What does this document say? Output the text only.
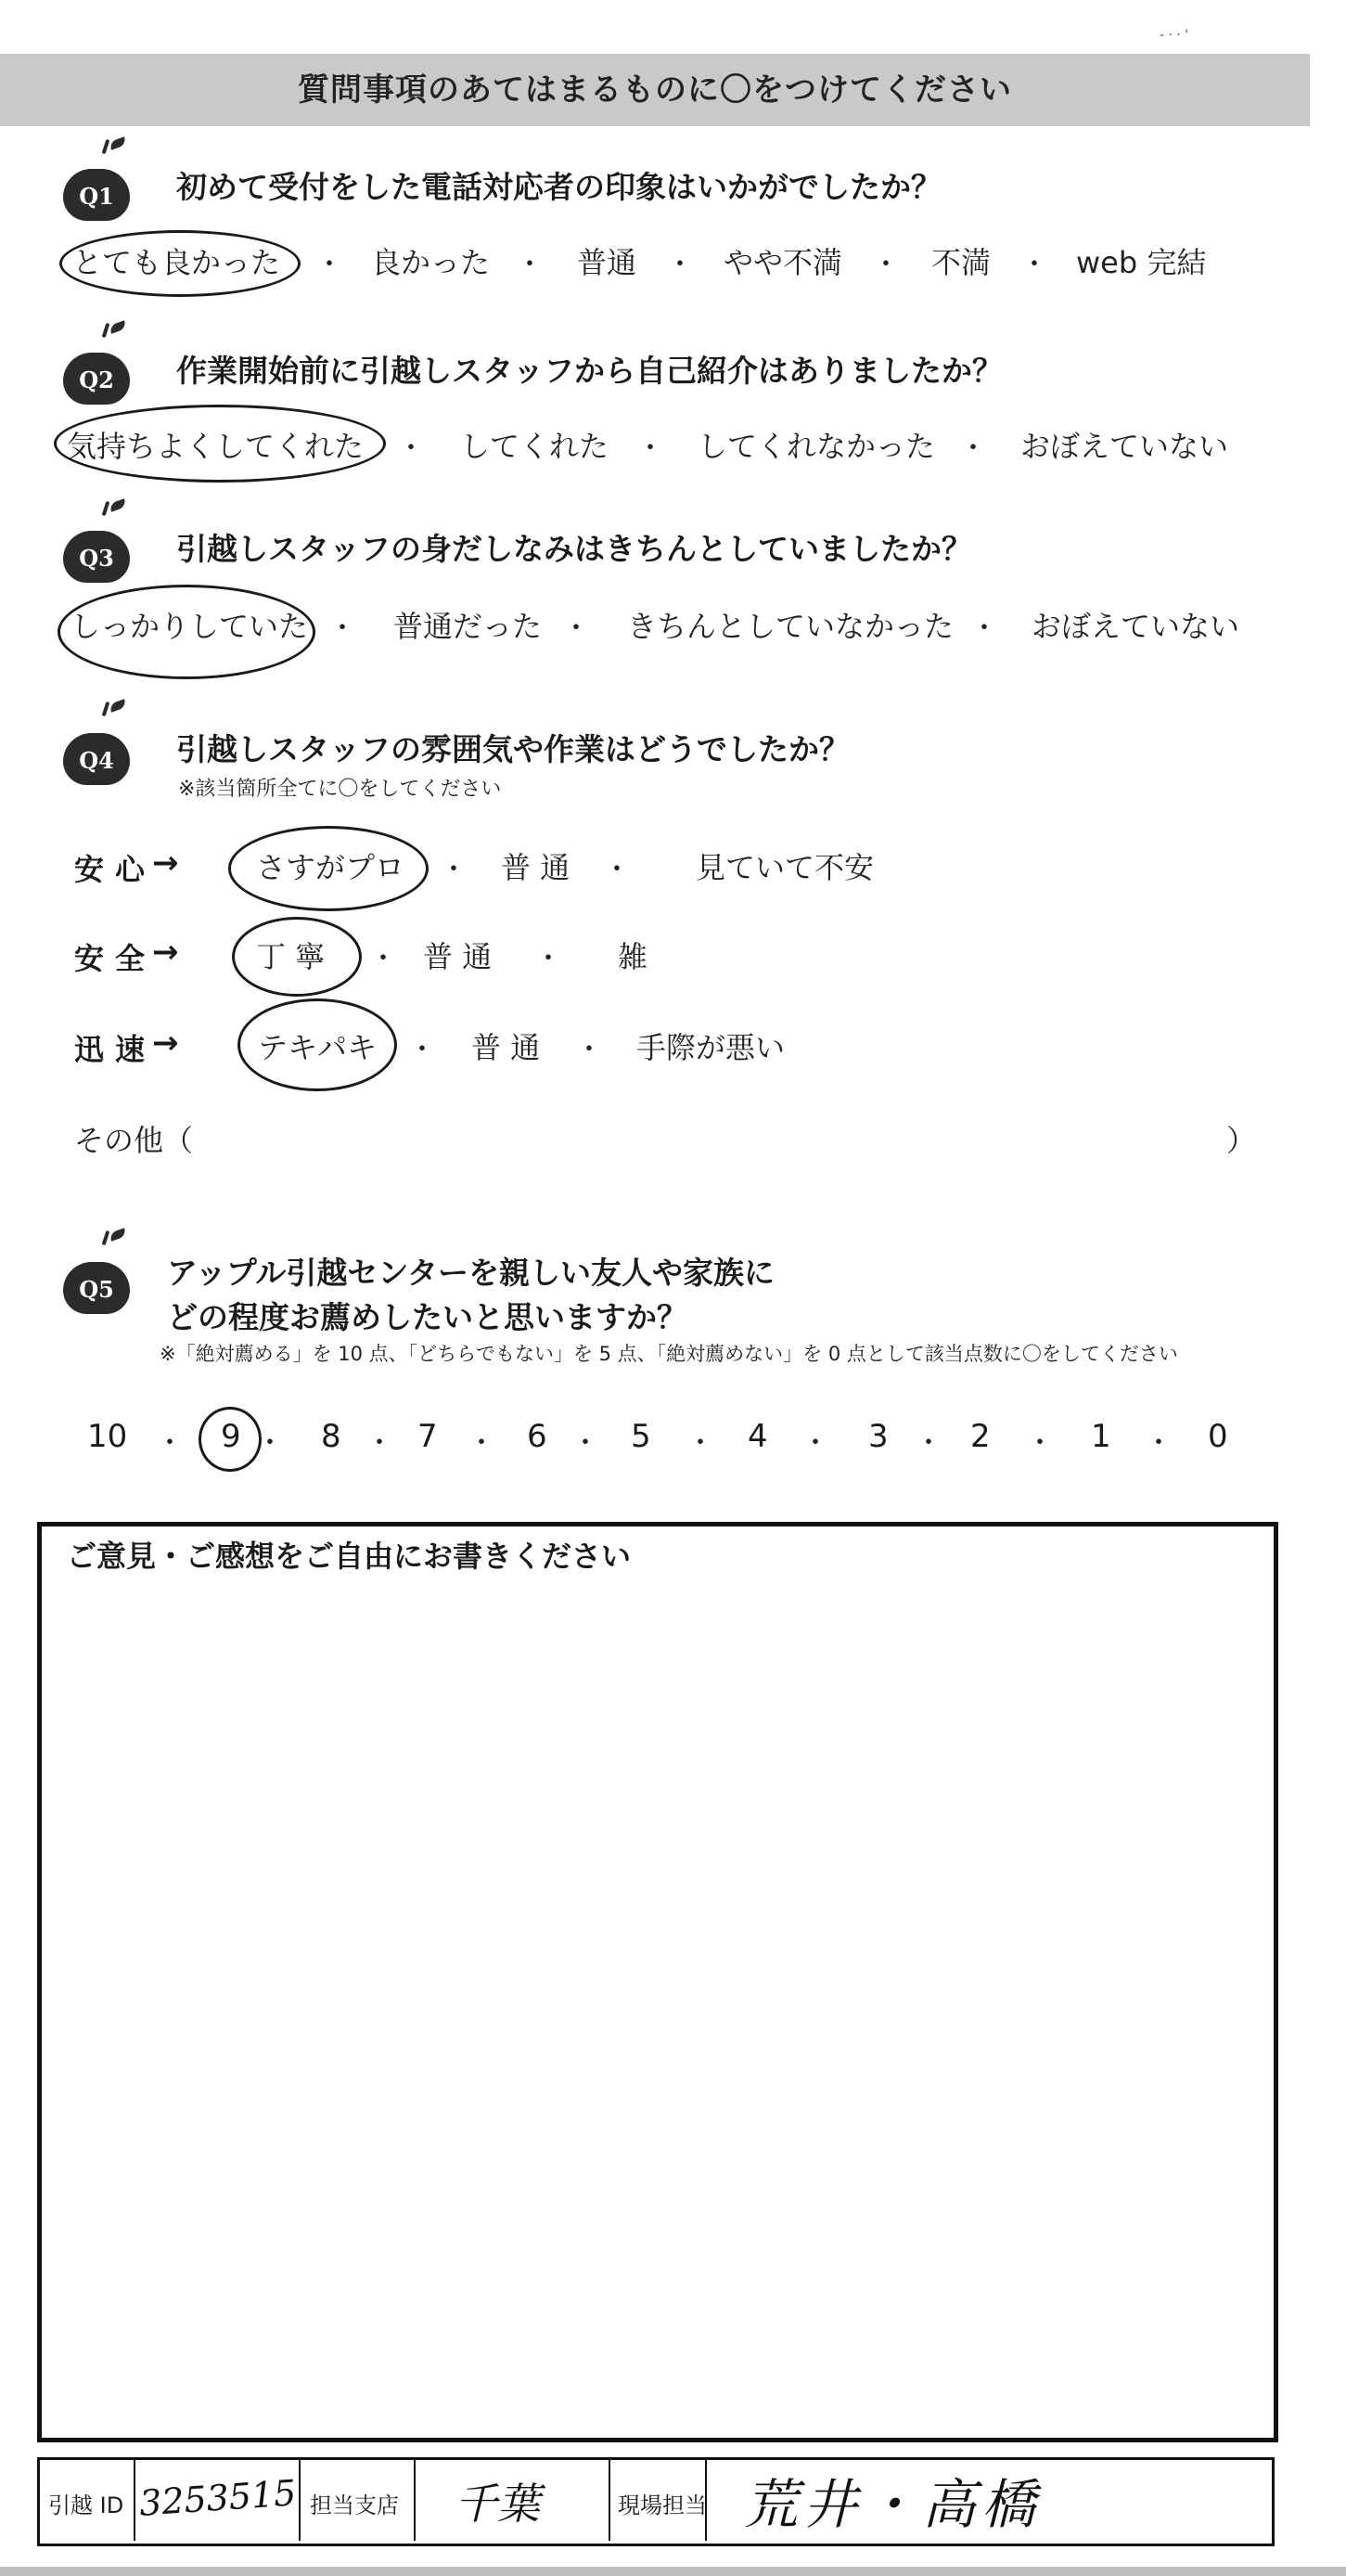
- · · '
質問事項のあてはまるものに〇をつけてください
Q1	初めて受付をした電話対応者の印象はいかがでしたか？
とても良かった ・ 良かった ・ 普通 ・ やや不満 ・ 不満 ・ web 完結
Q2	作業開始前に引越しスタッフから自己紹介はありましたか？
気持ちよくしてくれた ・ してくれた ・ してくれなかった ・ おぼえていない
Q3	引越しスタッフの身だしなみはきちんとしていましたか？
しっかりしていた ・ 普通だった ・ きちんとしていなかった ・ おぼえていない
Q4	引越しスタッフの雰囲気や作業はどうでしたか？
※該当箇所全てに〇をしてください
安心
→	さすがプロ ・ 普 通 ・ 見ていて不安
安全
→	丁 寧 ・ 普 通 ・ 雑
迅速
→	テキパキ ・ 普 通 ・ 手際が悪い
その他（	）
Q5	アップル引越センターを親しい友人や家族に
どの程度お薦めしたいと思いますか？
※「絶対薦める」を 10 点、「どちらでもない」を 5 点、「絶対薦めない」を 0 点として該当点数に〇をしてください
10 ・ 9 ・ 8 ・ 7 ・ 6 ・ 5 ・ 4 ・ 3 ・ 2 ・ 1 ・ 0
ご意見・ご感想をご自由にお書きください
引越 ID 3253515 担当支店 千葉	現場担当 荒井・高橋
